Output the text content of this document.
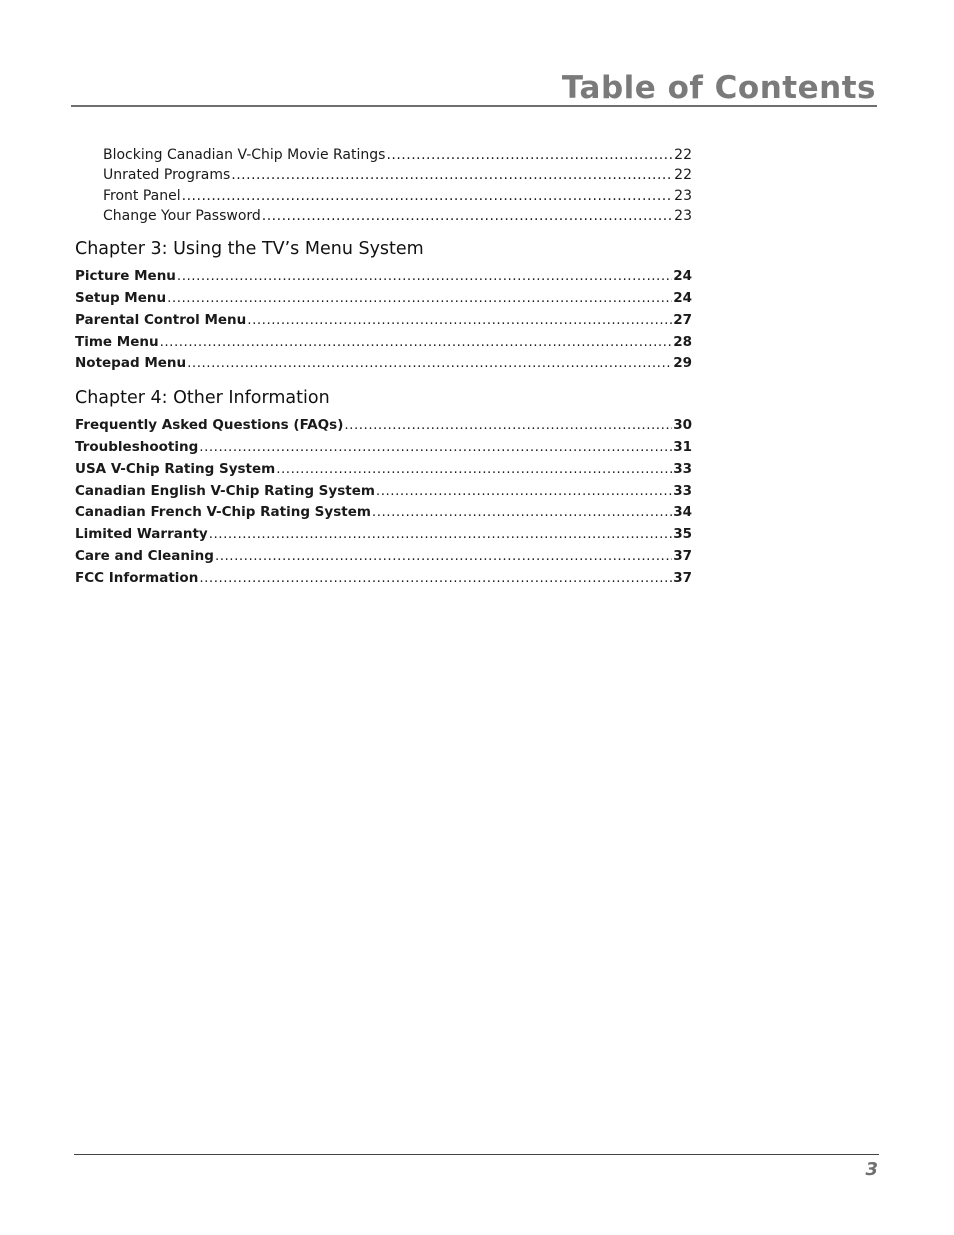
Table of Contents
Blocking Canadian V-Chip Movie Ratings .....	22
Unrated Programs .....	22
Front Panel .....	23
Change Your Password .....	23
Chapter 3: Using the TV’s Menu System
Picture Menu .....	24
Setup Menu .....	24
Parental Control Menu .....	27
Time Menu .....	28
Notepad Menu .....	29
Chapter 4: Other Information
Frequently Asked Questions (FAQs) .....	30
Troubleshooting .....	31
USA V-Chip Rating System .....	33
Canadian English V-Chip Rating System .....	33
Canadian French V-Chip Rating System .....	34
Limited Warranty .....	35
Care and Cleaning .....	37
FCC Information .....	37
3
